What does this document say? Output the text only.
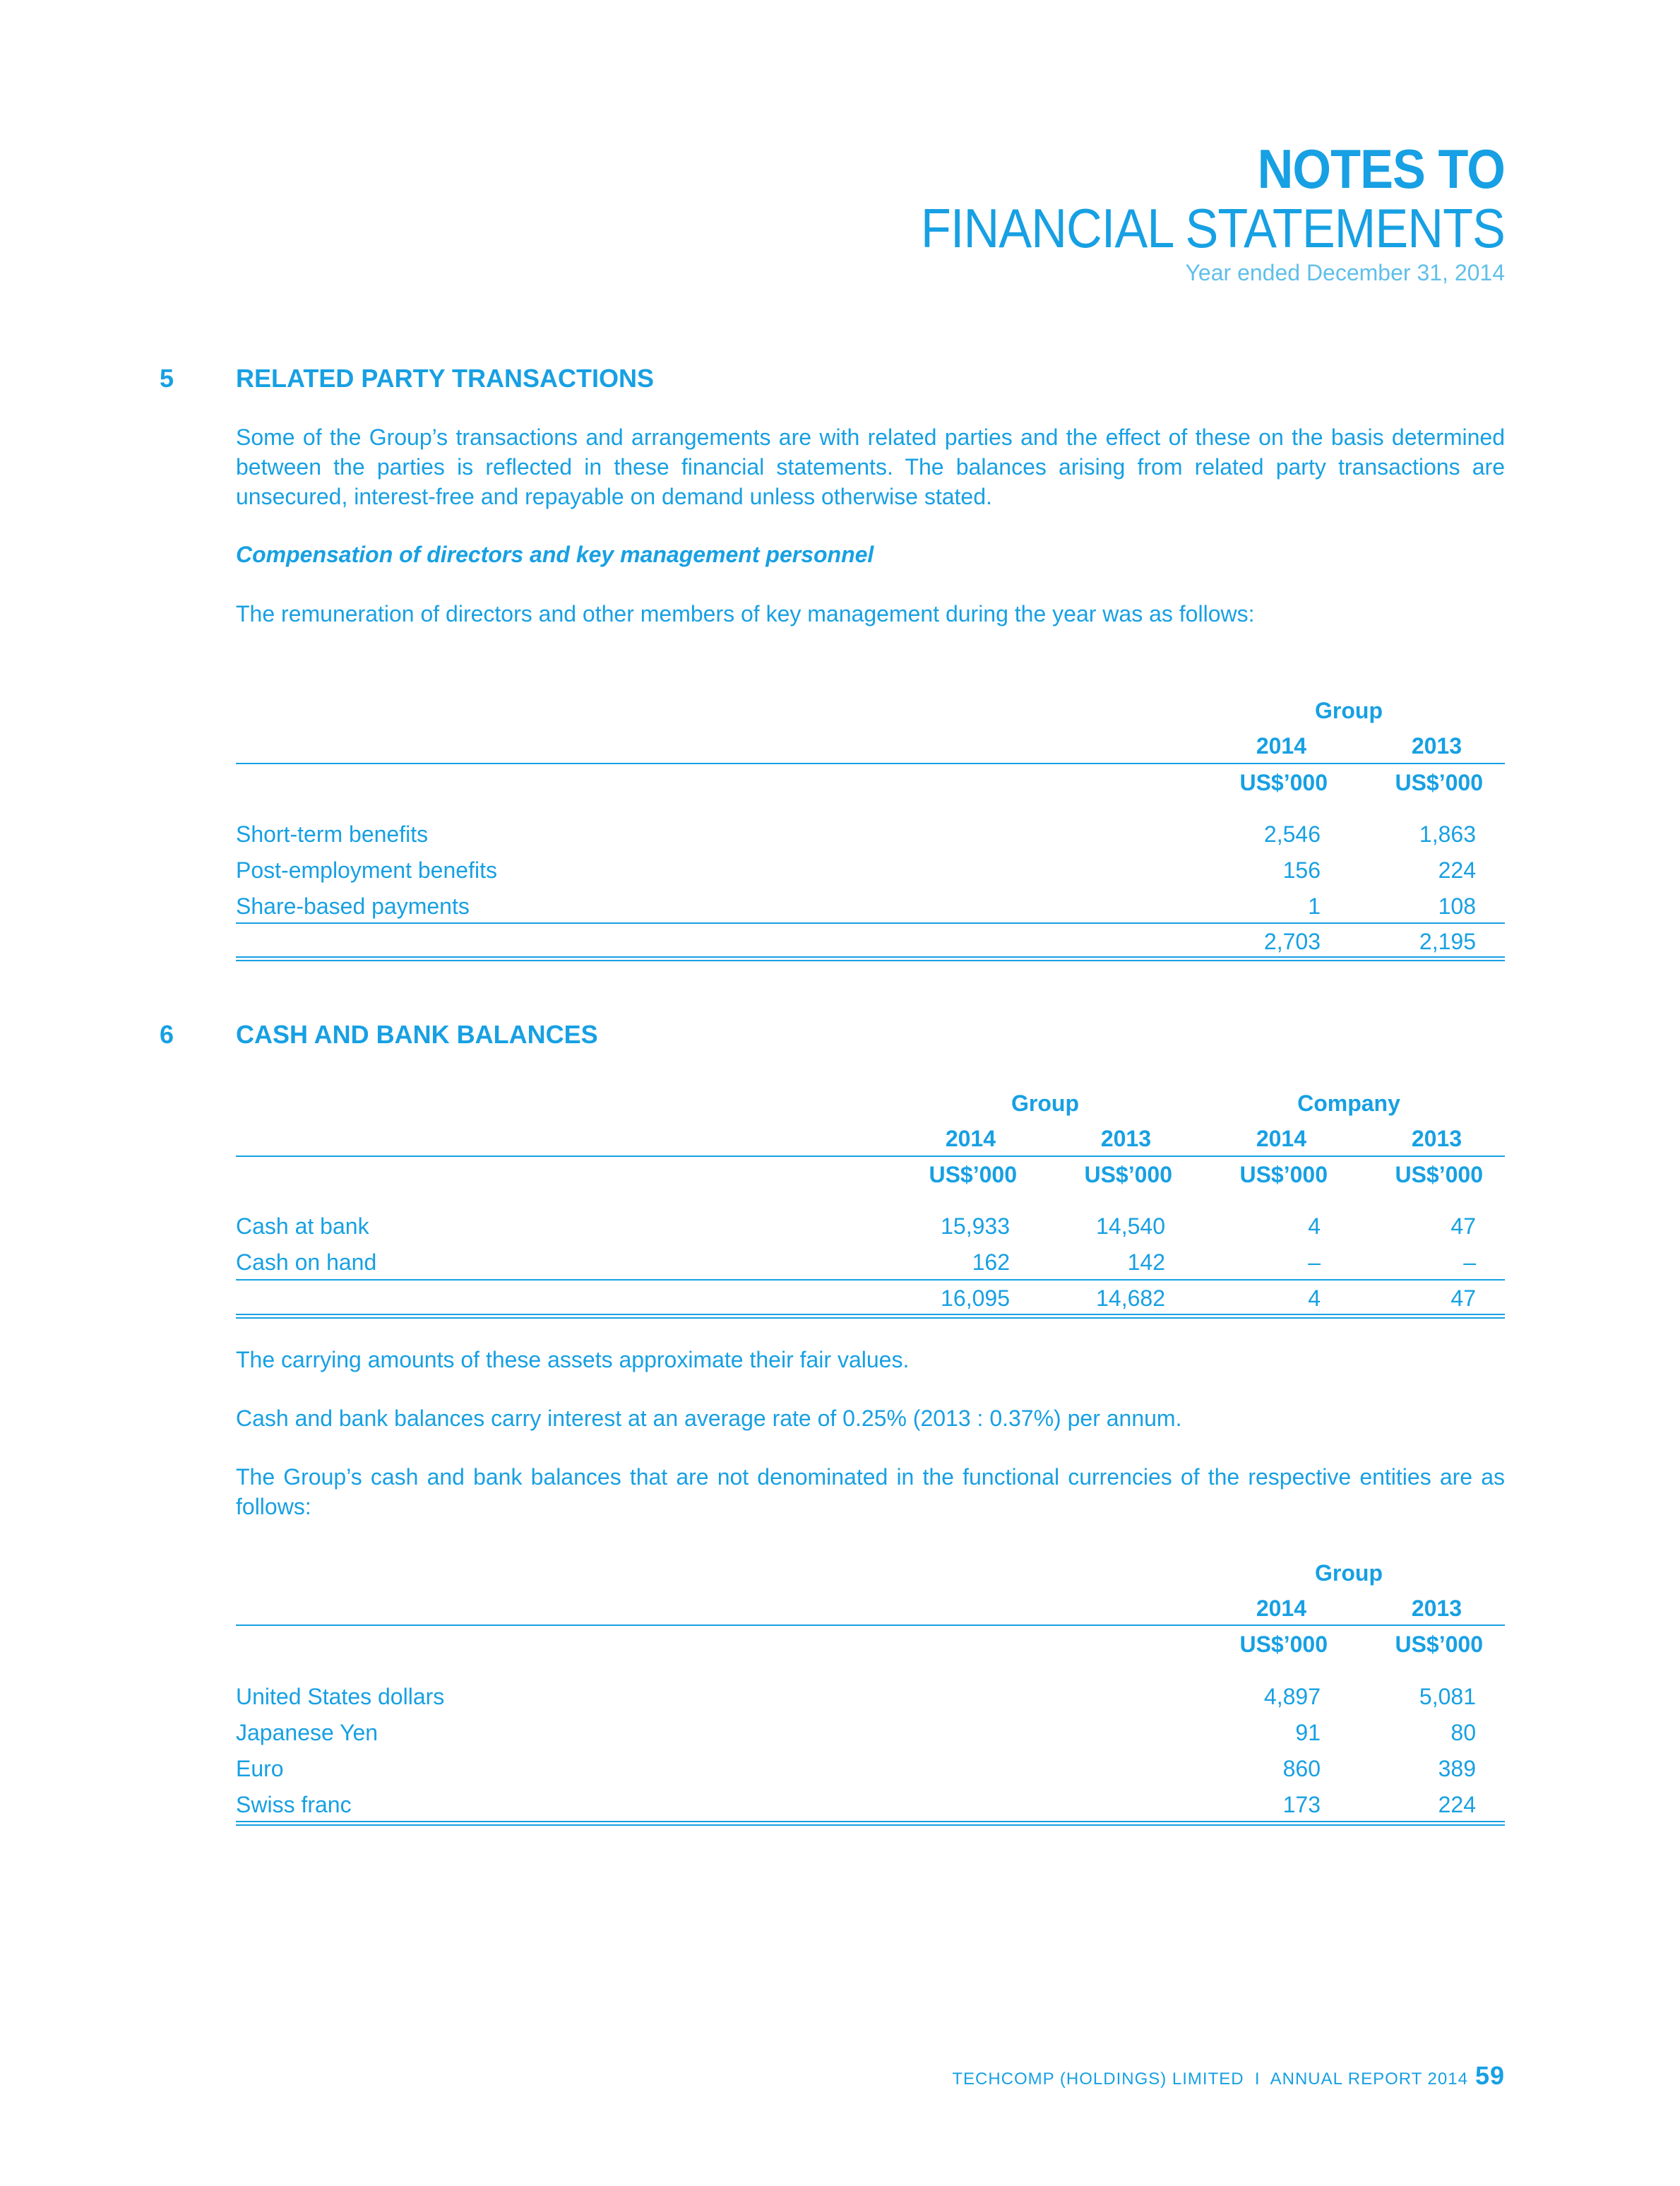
NOTES TO
FINANCIAL STATEMENTS
Year ended December 31, 2014
5 RELATED PARTY TRANSACTIONS
Some of the Group’s transactions and arrangements are with related parties and the effect of these on the basis determined between the parties is reflected in these financial statements. The balances arising from related party transactions are unsecured, interest-free and repayable on demand unless otherwise stated.
Compensation of directors and key management personnel
The remuneration of directors and other members of key management during the year was as follows:
Group
2014	2013
US$’000	US$’000
Short-term benefits	2,546	1,863
Post-employment benefits	156	224
Share-based payments	1	108
2,703	2,195
6 CASH AND BANK BALANCES
Group	Company
2014	2013	2014	2013
US$’000	US$’000	US$’000	US$’000
Cash at bank	15,933	14,540	4	47
Cash on hand	162	142	–	–
16,095	14,682	4	47
The carrying amounts of these assets approximate their fair values.
Cash and bank balances carry interest at an average rate of 0.25% (2013 : 0.37%) per annum.
The Group’s cash and bank balances that are not denominated in the functional currencies of the respective entities are as follows:
Group
2014	2013
US$’000	US$’000
United States dollars	4,897	5,081
Japanese Yen	91	80
Euro	860	389
Swiss franc	173	224
TECHCOMP (HOLDINGS) LIMITED  I  ANNUAL REPORT 2014 59
